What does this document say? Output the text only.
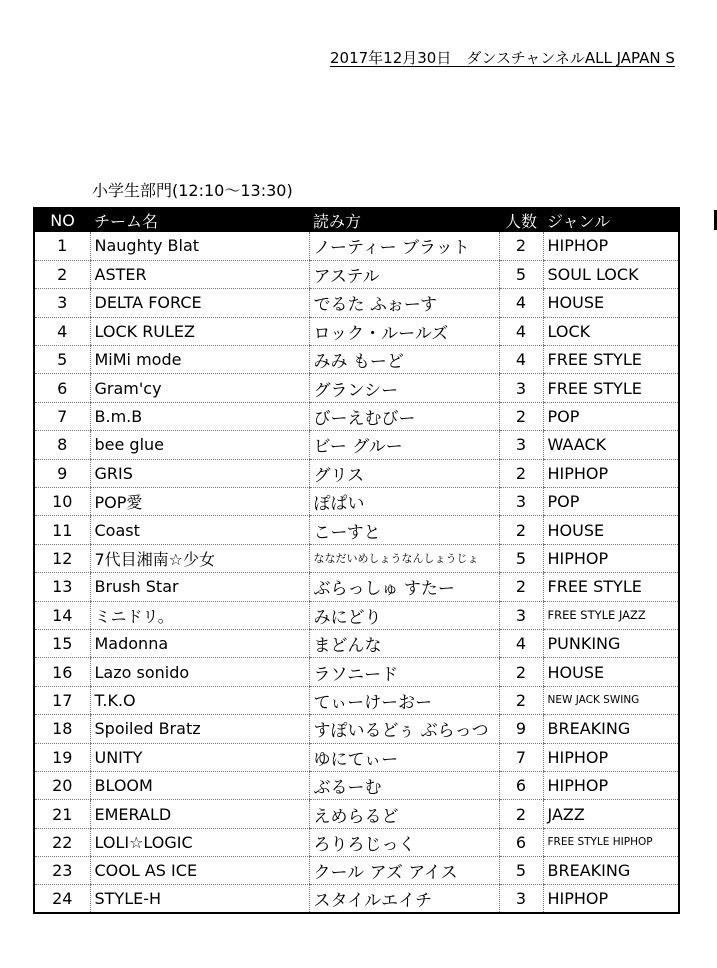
2017年12月30日　ダンスチャンネルALL JAPAN S
小学生部門(12:10～13:30)
NO	チーム名	読み方	人数	ジャンル
1	Naughty Blat	ノーティー ブラット	2	HIPHOP
2	ASTER	アステル	5	SOUL LOCK
3	DELTA FORCE	でるた ふぉーす	4	HOUSE
4	LOCK RULEZ	ロック・ルールズ	4	LOCK
5	MiMi mode	みみ もーど	4	FREE STYLE
6	Gram'cy	グランシー	3	FREE STYLE
7	B.m.B	びーえむびー	2	POP
8	bee glue	ビー グルー	3	WAACK
9	GRIS	グリス	2	HIPHOP
10	POP愛	ぽぱい	3	POP
11	Coast	こーすと	2	HOUSE
12	7代目湘南☆少女	ななだいめしょうなんしょうじょ	5	HIPHOP
13	Brush Star	ぶらっしゅ すたー	2	FREE STYLE
14	ミニドリ。	みにどり	3	FREE STYLE JAZZ
15	Madonna	まどんな	4	PUNKING
16	Lazo sonido	ラソニード	2	HOUSE
17	T.K.O	てぃーけーおー	2	NEW JACK SWING
18	Spoiled Bratz	すぽいるどぅ ぶらっつ	9	BREAKING
19	UNITY	ゆにてぃー	7	HIPHOP
20	BLOOM	ぶるーむ	6	HIPHOP
21	EMERALD	えめらるど	2	JAZZ
22	LOLI☆LOGIC	ろりろじっく	6	FREE STYLE HIPHOP
23	COOL AS ICE	クール アズ アイス	5	BREAKING
24	STYLE-H	スタイルエイチ	3	HIPHOP
